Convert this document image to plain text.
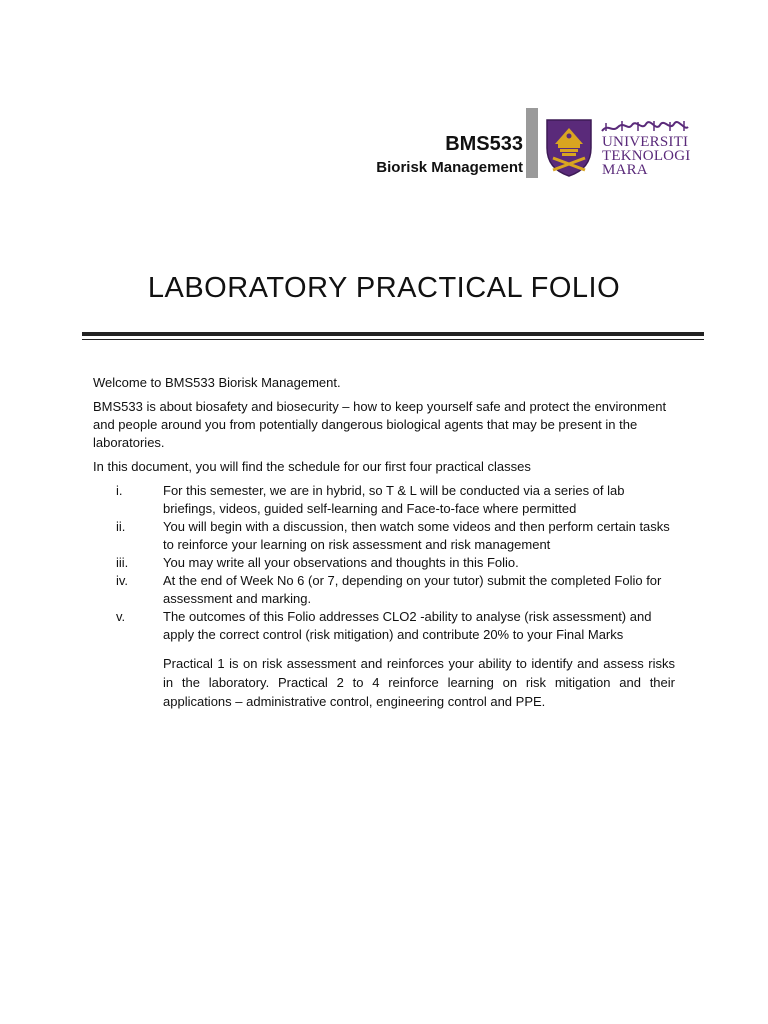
BMS533
Biorisk Management
UNIVERSITI
TEKNOLOGI
MARA
LABORATORY PRACTICAL FOLIO

Welcome to BMS533 Biorisk Management.

BMS533 is about biosafety and biosecurity – how to keep yourself safe and protect the environment and people around you from potentially dangerous biological agents that may be present in the laboratories.

In this document, you will find the schedule for our first four practical classes

i.	For this semester, we are in hybrid, so T & L will be conducted via a series of lab briefings, videos, guided self-learning and Face-to-face where permitted
ii.	You will begin with a discussion, then watch some videos and then perform certain tasks to reinforce your learning on risk assessment and risk management
iii.	You may write all your observations and thoughts in this Folio.
iv.	At the end of Week No 6 (or 7, depending on your tutor) submit the completed Folio for assessment and marking.
v.	The outcomes of this Folio addresses CLO2 -ability to analyse (risk assessment) and apply the correct control (risk mitigation) and contribute 20% to your Final Marks
Practical 1 is on risk assessment and reinforces your ability to identify and assess risks in the laboratory. Practical 2 to 4 reinforce learning on risk mitigation and their applications – administrative control, engineering control and PPE.
